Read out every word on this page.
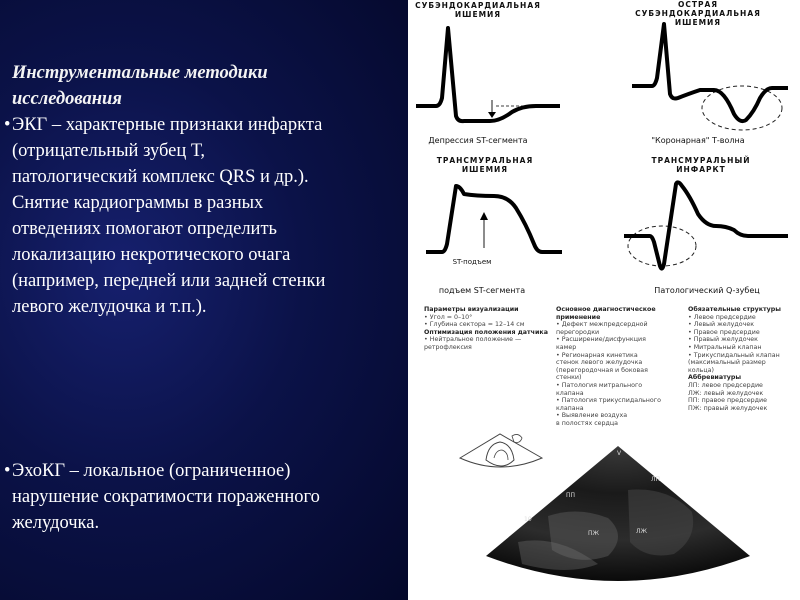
Инструментальные методики
исследования
• ЭКГ – характерные признаки инфаркта
(отрицательный зубец Т,
патологический комплекс QRS и др.).
Снятие кардиограммы в разных
отведениях помогают определить
локализацию некротического очага
(например, передней или задней стенки
левого желудочка и т.п.).
• ЭхоКГ – локальное (ограниченное)
нарушение сократимости пораженного
желудочка.
СУБЭНДОКАРДИАЛЬНАЯ
ИШЕМИЯ
Депрессия ST-сегмента
ОСТРАЯ
СУБЭНДОКАРДИАЛЬНАЯ
ИШЕМИЯ
"Коронарная" Т-волна
ТРАНСМУРАЛЬНАЯ
ИШЕМИЯ
ST-подъем
подъем ST-сегмента
ТРАНСМУРАЛЬНЫЙ
ИНФАРКТ
Патологический Q-зубец
Параметры визуализации
• Угол = 0–10°
• Глубина сектора = 12–14 см
Оптимизация положения датчика
• Нейтральное положение —
ретрофлексия
Основное диагностическое применение
• Дефект межпредсердной
перегородки
• Расширение/дисфункция
камер
• Регионарная кинетика
стенок левого желудочка
(перегородочная и боковая
стенки)
• Патология митрального
клапана
• Патология трикуспидального
клапана
• Выявление воздуха
в полостях сердца
Обязательные структуры
• Левое предсердие
• Левый желудочек
• Правое предсердие
• Правый желудочек
• Митральный клапан
• Трикуспидальный клапан
(максимальный размер
кольца)
Аббревиатуры
ЛП: левое предсердие
ЛЖ: левый желудочек
ПП: правое предсердие
ПЖ: правый желудочек
V
ЛП
ПП
ПЖ	ЛЖ
10
